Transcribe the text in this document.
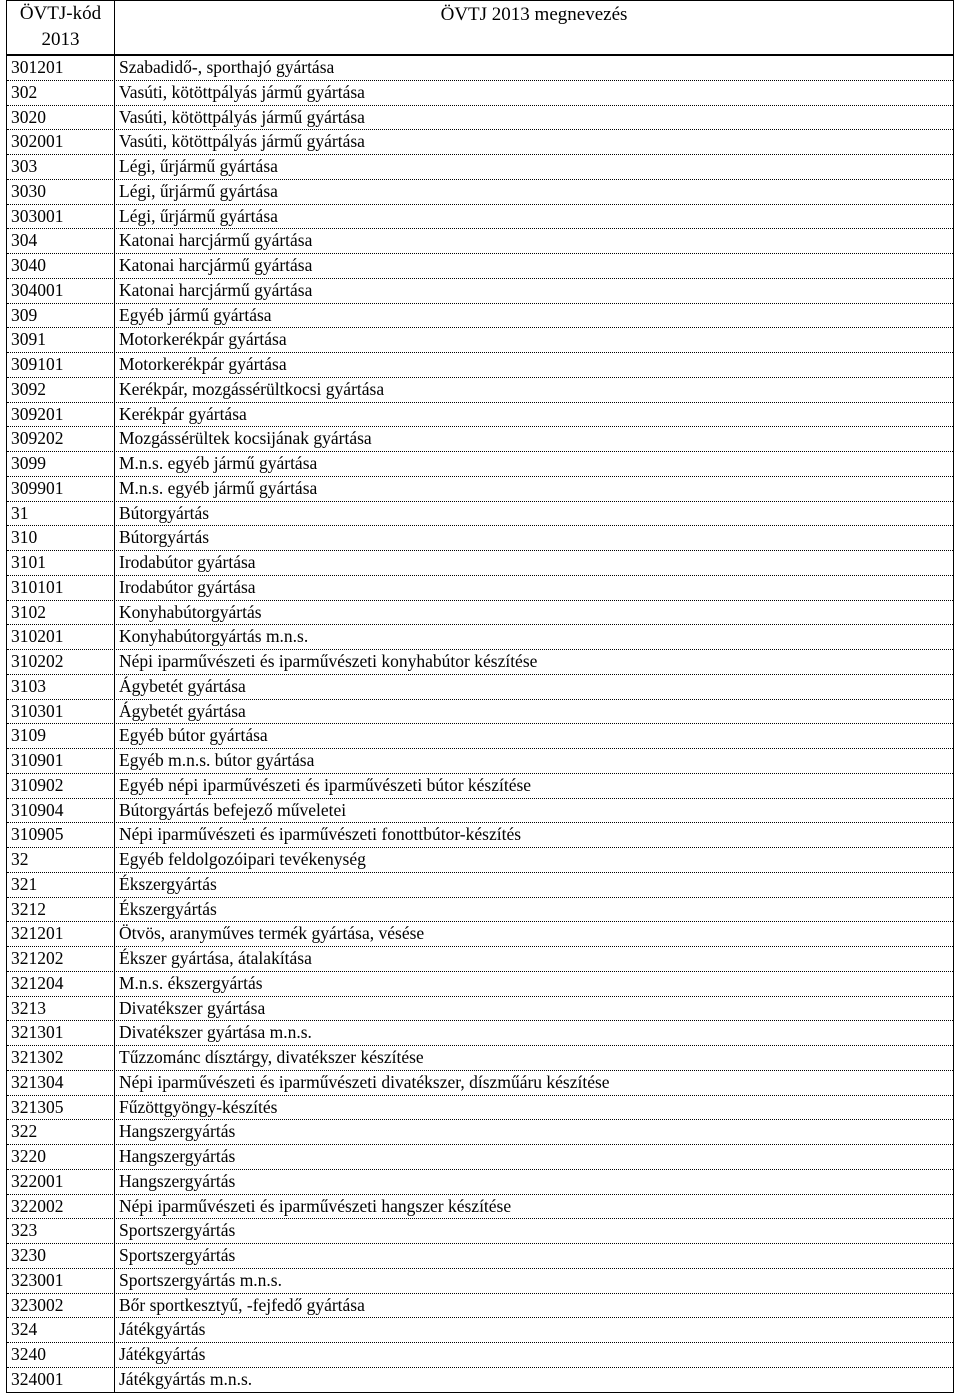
ÖVTJ-kód
2013
ÖVTJ 2013 megnevezés
301201	Szabadidő-, sporthajó gyártása
302	Vasúti, kötöttpályás jármű gyártása
3020	Vasúti, kötöttpályás jármű gyártása
302001	Vasúti, kötöttpályás jármű gyártása
303	Légi, űrjármű gyártása
3030	Légi, űrjármű gyártása
303001	Légi, űrjármű gyártása
304	Katonai harcjármű gyártása
3040	Katonai harcjármű gyártása
304001	Katonai harcjármű gyártása
309	Egyéb jármű gyártása
3091	Motorkerékpár gyártása
309101	Motorkerékpár gyártása
3092	Kerékpár, mozgássérültkocsi gyártása
309201	Kerékpár gyártása
309202	Mozgássérültek kocsijának gyártása
3099	M.n.s. egyéb jármű gyártása
309901	M.n.s. egyéb jármű gyártása
31	Bútorgyártás
310	Bútorgyártás
3101	Irodabútor gyártása
310101	Irodabútor gyártása
3102	Konyhabútorgyártás
310201	Konyhabútorgyártás m.n.s.
310202	Népi iparművészeti és iparművészeti konyhabútor készítése
3103	Ágybetét gyártása
310301	Ágybetét gyártása
3109	Egyéb bútor gyártása
310901	Egyéb m.n.s. bútor gyártása
310902	Egyéb népi iparművészeti és iparművészeti bútor készítése
310904	Bútorgyártás befejező műveletei
310905	Népi iparművészeti és iparművészeti fonottbútor-készítés
32	Egyéb feldolgozóipari tevékenység
321	Ékszergyártás
3212	Ékszergyártás
321201	Ötvös, aranyműves termék gyártása, vésése
321202	Ékszer gyártása, átalakítása
321204	M.n.s. ékszergyártás
3213	Divatékszer gyártása
321301	Divatékszer gyártása m.n.s.
321302	Tűzzománc dísztárgy, divatékszer készítése
321304	Népi iparművészeti és iparművészeti divatékszer, díszműáru készítése
321305	Fűzöttgyöngy-készítés
322	Hangszergyártás
3220	Hangszergyártás
322001	Hangszergyártás
322002	Népi iparművészeti és iparművészeti hangszer készítése
323	Sportszergyártás
3230	Sportszergyártás
323001	Sportszergyártás m.n.s.
323002	Bőr sportkesztyű, -fejfedő gyártása
324	Játékgyártás
3240	Játékgyártás
324001	Játékgyártás m.n.s.
